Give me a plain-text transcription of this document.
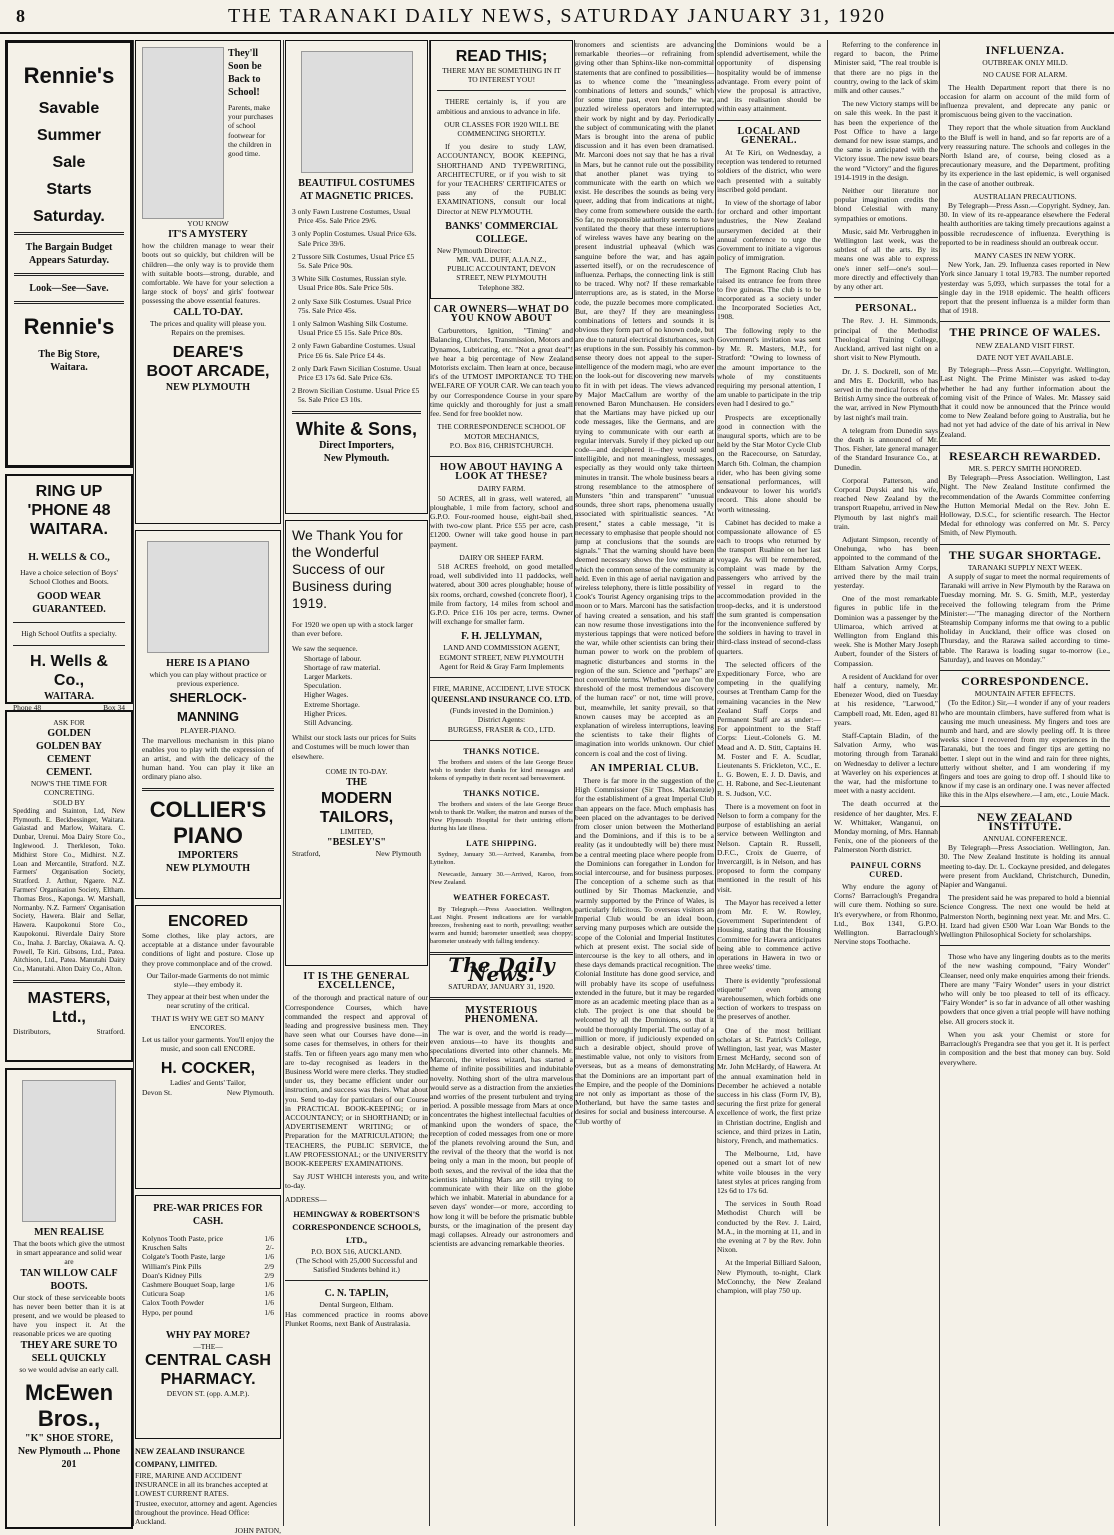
8	THE TARANAKI DAILY NEWS, SATURDAY JANUARY 31, 1920
Rennie's
Savable
Summer
Sale
Starts
Saturday.
The Bargain Budget
Appears Saturday.
Look—See—Save.
Rennie's
The Big Store,
Waitara.
RING UP
'PHONE 48
WAITARA.
H. WELLS & CO.,
Have a choice selection of Boys' School Clothes and Boots.
GOOD WEAR GUARANTEED.
High School Outfits a specialty.
H. Wells & Co.,
WAITARA.
Phone 48	Box 34
ASK FOR
GOLDEN
GOLDEN BAY CEMENT
CEMENT.
NOW'S THE TIME FOR CONCRETING.
SOLD BY

Spedding and Stainton, Ltd, New Plymouth. E. Beckbessinger, Waitara. Gaiastad and Marlow, Waitara. C. Dunbar, Urenui. Moa Dairy Store Co., Inglewood. J. Therkleson, Toko. Midhirst Store Co., Midhirst. N.Z. Loan and Mercantile, Stratford. N.Z. Farmers' Organisation Society, Stratford. J. Arthur, Ngaere. N.Z. Farmers' Organisation Society, Eltham. Thomas Bros., Kaponga. W. Marshall, Normanby. N.Z. Farmers' Organisation Society, Hawera. Blair and Sellar, Hawera. Kaupokonui Store Co., Kaupokonui. Riverdale Dairy Store Co., Inaha. J. Barclay, Okaiawa. A. Q. Powell, Te Kiri. Gibsons, Ltd., Patea. Aitchison, Ltd., Patea. Manutahi Dairy Co., Manutahi. Alton Dairy Co., Alton.

MASTERS, Ltd.,
Distributors,	Stratford.
MEN REALISE
That the boots which give the utmost in smart appearance and solid wear are
TAN WILLOW CALF BOOTS.
Our stock of these serviceable boots has never been better than it is at present, and we would be pleased to have you inspect it. At the reasonable prices we are quoting
THEY ARE SURE TO SELL QUICKLY
so we would advise an early call.
McEwen Bros.,
"K" SHOE STORE,
New Plymouth ... Phone 201
They'll Soon be Back to School!
Parents, make your purchases of school footwear for the children in good time.
YOU KNOW
IT'S A MYSTERY
how the children manage to wear their boots out so quickly, but children will be children—the only way is to provide them with suitable boots—strong, durable, and comfortable. We have for your selection a large stock of boys' and girls' footwear possessing the above essential features.
CALL TO-DAY.
The prices and quality will please you.
Repairs on the premises.
DEARE'S
BOOT ARCADE,
NEW PLYMOUTH
HERE IS A PIANO
which you can play without practice or previous experience.
SHERLOCK-MANNING
PLAYER-PIANO.
The marvellous mechanism in this piano enables you to play with the expression of an artist, and with the delicacy of the human hand. You can play it like an ordinary piano also.
COLLIER'S
PIANO
IMPORTERS
NEW PLYMOUTH
ENCORED
Some clothes, like play actors, are acceptable at a distance under favourable conditions of light and posture. Close up they prove commonplace and of the crowd.
Our Tailor-made Garments do not mimic style—they embody it.
They appear at their best when under the near scrutiny of the critical.
THAT IS WHY WE GET SO MANY ENCORES.
Let us tailor your garments. You'll enjoy the music, and soon call ENCORE.
H. COCKER,
Ladies' and Gents' Tailor,
Devon St.	New Plymouth.
PRE-WAR PRICES FOR CASH.
Kolynos Tooth Paste, price	1/6
Kruschen Salts	2/-
Colgate's Tooth Paste, large	1/6
William's Pink Pills	2/9
Doan's Kidney Pills	2/9
Cashmere Bouquet Soap, large	1/6
Cuticura Soap	1/6
Calox Tooth Powder	1/6
Hypo, per pound	1/6
WHY PAY MORE?
—THE—
CENTRAL CASH
PHARMACY.
DEVON ST. (opp. A.M.P.).
NEW ZEALAND INSURANCE COMPANY, LIMITED.
FIRE, MARINE AND ACCIDENT INSURANCE in all its branches accepted at LOWEST CURRENT RATES.
Trustee, executor, attorney and agent. Agencies throughout the province. Head Office: Auckland.
JOHN PATON,
BEAUTIFUL COSTUMES AT MAGNETIC PRICES.
3 only Fawn Lustrene Costumes, Usual Price 45s. Sale Price 29/6.
3 only Poplin Costumes. Usual Price 63s. Sale Price 39/6.
2 Tussore Silk Costumes, Usual Price £5 5s. Sale Price 90s.
3 White Silk Costumes, Russian style. Usual Price 80s. Sale Price 50s.
2 only Saxe Silk Costumes. Usual Price 75s. Sale Price 45s.
1 only Salmon Washing Silk Costume. Usual Price £5 15s. Sale Price 80s.
2 only Fawn Gabardine Costumes. Usual Price £6 6s. Sale Price £4 4s.
2 only Dark Fawn Sicilian Costume. Usual Price £3 17s 6d. Sale Price 63s.
2 Brown Sicilian Costume. Usual Price £5 5s. Sale Price £3 10s.
White & Sons,
Direct Importers,
New Plymouth.
We Thank You for the Wonderful Success of our Business during 1919.
For 1920 we open up with a stock larger than ever before.
We saw the sequence.
Shortage of labour.
Shortage of raw material.
Larger Markets.
Speculation.
Higher Wages.
Extreme Shortage.
Higher Prices.
Still Advancing.
Whilst our stock lasts our prices for Suits and Costumes will be much lower than elsewhere.
COME IN TO-DAY.
THE
MODERN
TAILORS,
LIMITED,
"BESLEY'S"
Stratford,	New Plymouth
IT IS THE GENERAL EXCELLENCE,

of the thorough and practical nature of our Correspondence Courses, which have commanded the respect and approval of leading and progressive business men. They have seen what our Courses have done—in some cases for themselves, in others for their staffs. Ten or fifteen years ago many men who are to-day recognised as leaders in the Business World were mere clerks. They studied under us, they became efficient under our instruction, and success was theirs. What about you. Send to-day for particulars of our Course in PRACTICAL BOOK-KEEPING; or in ACCOUNTANCY; or in SHORTHAND; or in ADVERTISEMENT WRITING; or of Preparation for the MATRICULATION; the TEACHERS, the PUBLIC SERVICE, the LAW PROFESSIONAL; or the UNIVERSITY BOOK-KEEPERS' EXAMINATIONS.

Say JUST WHICH interests you, and write to-day.

ADDRESS—

HEMINGWAY & ROBERTSON'S CORRESPONDENCE SCHOOLS, LTD.,
P.O. BOX 516, AUCKLAND.
(The School with 25,000 Successful and Satisfied Students behind it.)
C. N. TAPLIN,
Dental Surgeon, Eltham.

Has commenced practice in rooms above Plunket Rooms, next Bank of Australasia.

READ THIS;
THERE MAY BE SOMETHING IN IT TO INTEREST YOU!

THERE certainly is, if you are ambitious and anxious to advance in life.

OUR CLASSES FOR 1920 WILL BE COMMENCING SHORTLY.

If you desire to study LAW, ACCOUNTANCY, BOOK KEEPING, SHORTHAND AND TYPEWRITING, ARCHITECTURE, or if you wish to sit for your TEACHERS' CERTIFICATES or pass any of the PUBLIC EXAMINATIONS, consult our local Director at NEW PLYMOUTH.

BANKS' COMMERCIAL COLLEGE.
New Plymouth Director:
MR. VAL. DUFF, A.I.A.N.Z.,
PUBLIC ACCOUNTANT, DEVON STREET, NEW PLYMOUTH
Telephone 382.
CAR OWNERS—WHAT DO YOU KNOW ABOUT

Carburettors, Ignition, "Timing" and Balancing, Clutches, Transmission, Motors and Dynamos, Lubricating, etc. "Not a great deal"! we hear a big percentage of New Zealand Motorists exclaim. Then learn at once, because it's of the UTMOST IMPORTANCE TO THE WELFARE OF YOUR CAR. We can teach you by our Correspondence Course in your spare time quickly and thoroughly for just a small fee. Send for free booklet now.

THE CORRESPONDENCE SCHOOL OF MOTOR MECHANICS,
P.O. Box 816, CHRISTCHURCH.
HOW ABOUT HAVING A LOOK AT THESE?
DAIRY FARM.

50 ACRES, all in grass, well watered, all ploughable, 1 mile from factory, school and G.P.O. Four-roomed house, eight-bail shed, with two-cow plant. Price £55 per acre, cash £1200. Owner will take good house in part payment.

DAIRY OR SHEEP FARM.

518 ACRES freehold, on good metalled road, well subdivided into 11 paddocks, well watered, about 300 acres ploughable; house of six rooms, orchard, cowshed (concrete floor), 1 mile from factory, 14 miles from school and G.P.O. Price £16 10s per acre, terms. Owner will exchange for smaller farm.

F. H. JELLYMAN,
LAND AND COMMISSION AGENT, EGMONT STREET, NEW PLYMOUTH
Agent for Reid & Gray Farm Implements
FIRE, MARINE, ACCIDENT, LIVE STOCK
QUEENSLAND INSURANCE CO. LTD.
(Funds invested in the Dominion.)
District Agents:
BURGESS, FRASER & CO., LTD.
THANKS NOTICE.

The brothers and sisters of the late George Bruce wish to tender their thanks for kind messages and tokens of sympathy in their recent sad bereavement.

THANKS NOTICE.

The brothers and sisters of the late George Bruce wish to thank Dr. Walker, the matron and nurses of the New Plymouth Hospital for their untiring efforts during his late illness.

LATE SHIPPING.

Sydney, January 30.—Arrived, Karamba, from Lyttelton.

Newcastle, January 30.—Arrived, Karoo, from New Zealand.

WEATHER FORECAST.

By Telegraph.—Press Association. Wellington, Last Night. Present indications are for variable breezes, freshening east to north, prevailing; weather warm and humid; barometer unsettled; seas choppy; barometer unsteady with falling tendency.

The Daily News.
SATURDAY, JANUARY 31, 1920.
MYSTERIOUS PHENOMENA.

The war is over, and the world is ready—even anxious—to have its thoughts and speculations diverted into other channels. Mr. Marconi, the wireless wizard, has started a theme of infinite possibilities and indubitable novelty. Nothing short of the ultra marvelous would serve as a distraction from the anxieties and worries of the present turbulent and trying period. A possible message from Mars at once concentrates the highest intellectual faculties of mankind upon the wonders of space, the reception of coded messages from one or more of the planets revolving around the Sun, and the revival of the theory that the world is not being only a man in the moon, but people of both sexes, and the revival of the idea that the scientists inhabiting Mars are still trying to communicate with their like on the globe which we inhabit. Material in abundance for a seven days' wonder—or more, according to how long it will be before the prismatic bubble bursts, or the imagination of the present day magi collapses. Already our astronomers and scientists are advancing remarkable theories.

tronomers and scientists are advancing remarkable theories—or refraining from giving other than Sphinx-like non-committal statements that are confined to possibilities—as to whence come the "meaningless combinations of letters and sounds," which for some time past, even before the war, puzzled wireless operators and interrupted their work by night and by day. Periodically the subject of communicating with the planet Mars is brought into the arena of public discussion and it has even been dramatised. Mr. Marconi does not say that he has a rival in Mars, but he cannot rule out the possibility that another planet was trying to communicate with the earth on which we exist. He describes the sounds as being very queer, adding that from indications at night, they come from somewhere outside the earth. So far, no responsible authority seems to have ventilated the theory that these interruptions of wireless waves have any bearing on the present industrial upheaval (which was sanguine before the war, and has again asserted itself), or on the recrudescence of influenza. Perhaps, the connecting link is still to be traced. Why not? If these remarkable interruptions are, as is stated, in the Morse code, the puzzle becomes more complicated. But, are they? If they are meaningless combinations of letters and sounds it is obvious they form part of no known code, but are due to natural electrical disturbances, such as eruptions in the sun. Possibly his common-sense theory does not appeal to the super-intelligence of the modern magi, who are ever on the look-out for discovering new marvels to fit in with pet ideas. The views advanced by Major MacCallum are worthy of the renowned Baron Munchausen. He considers that the Martians may have picked up our code messages, like the Germans, and are trying to communicate with our earth at regular intervals. Surely if they picked up our code—and deciphered it—they would send intelligible, and not meaningless, messages, especially as they would only take thirteen minutes in transit. The whole business bears a strong resemblance to the atmosphere of Munsters "thin and transparent" "unusual sounds, three short raps, phenomena usually associated with spiritualistic seances. "At present," states a cable message, "it is necessary to emphasise that people should not jump at conclusions that the sounds are signals." That the warning should have been deemed necessary shows the low estimate at which the common sense of the community is held. Even in this age of aerial navigation and wireless telephony, there is little possibility of Cook's Tourist Agency organising trips to the moon or to Mars. Marconi has the satisfaction of having created a sensation, and his staff can now resume those investigations into the mysterious tappings that were noticed before the war, while other scientists can bring their human power to work on the problem of magnetic disturbances and storms in the region of the sun. Science and "perhaps" are not convertible terms. Whether we are "on the threshold of the most tremendous discovery of the human race" or not, time will prove, but, meanwhile, let sanity prevail, so that known causes may be accepted as an explanation of wireless interruptions, leaving the scientists to take their flights of imagination into worlds unknown. Our chief concern is coal and the cost of living.

AN IMPERIAL CLUB.

There is far more in the suggestion of the High Commissioner (Sir Thos. Mackenzie) for the establishment of a great Imperial Club than appears on the face. Much emphasis has been placed on the advantages to be derived from closer union between the Motherland and the Dominions, and if this is to be a reality (as it undoubtedly will be) there must be a central meeting place where people from the Dominions can foregather in London for social intercourse, and for business purposes. The conception of a scheme such as that outlined by Sir Thomas Mackenzie, and warmly supported by the Prince of Wales, is particularly felicitous. To overseas visitors an Imperial Club would be an ideal boon, serving many purposes which are outside the scope of the Colonial and Imperial Institutes which at present exist. The social side of intercourse is the key to all others, and in these days demands practical recognition. The Colonial Institute has done good service, and will probably have its scope of usefulness extended in the future, but it may be regarded more as an academic meeting place than as a club. The project is one that should be welcomed by all the Dominions, so that it would be thoroughly Imperial. The outlay of a million or more, if judiciously expended on such a desirable object, should prove of inestimable value, not only to visitors from overseas, but as a means of demonstrating that the Dominions are an important part of the Empire, and the people of the Dominions are not only as important as those of the Motherland, but have the same tastes and desires for social and business intercourse. A Club worthy of

the Dominions would be a splendid advertisement, while the opportunity of dispensing hospitality would be of immense advantage. From every point of view the proposal is attractive, and its realisation should be within easy attainment.

LOCAL AND GENERAL.

At Te Kiri, on Wednesday, a reception was tendered to returned soldiers of the district, who were each presented with a suitably inscribed gold pendant.

In view of the shortage of labor for orchard and other important industries, the New Zealand nurserymen decided at their annual conference to urge the Government to initiate a vigorous policy of immigration.

The Egmont Racing Club has raised its entrance fee from three to five guineas. The club is to be incorporated as a society under the Incorporated Societies Act, 1908.

The following reply to the Government's invitation was sent by Mr. R. Masters, M.P., for Stratford: "Owing to lowness of the amount importance to the whole of my constituents requiring my personal attention, I am unable to participate in the trip even had I desired to go."

Prospects are exceptionally good in connection with the inaugural sports, which are to be held by the Star Motor Cycle Club on the Racecourse, on Saturday, March 6th. Colman, the champion rider, who has been giving some sensational performances, will endeavour to lower his world's record. This alone should be worth witnessing.

Cabinet has decided to make a compassionate allowance of £5 each to troops who returned by the transport Ruahine on her last voyage. As will be remembered, complaint was made by the passengers who arrived by the vessel in regard to the accommodation provided in the troop-decks, and it is understood the sum granted is compensation for the inconvenience suffered by the soldiers in having to travel in third-class instead of second-class quarters.

The selected officers of the Expeditionary Force, who are competing in the qualifying courses at Trentham Camp for the remaining vacancies in the New Zealand Staff Corps and Permanent Staff are as under:—For appointment to the Staff Corps: Lieut.-Colonels G. M. Mead and A. D. Stitt, Captains H. M. Foster and F. A. Scudlar, Lieutenants S. Frickleton, V.C., E. L. G. Bowen, E. J. D. Davis, and C. H. Rabone, and Sec-Lieutenant R. S. Judson, V.C.

There is a movement on foot in Nelson to form a company for the purpose of establishing an aerial service between Wellington and Nelson. Captain R. Russell, D.F.C., Croix de Guerre, of Invercargill, is in Nelson, and has proposed to form the company mentioned in the result of his visit.

The Mayor has received a letter from Mr. F. W. Rowley, Government Superintendent of Housing, stating that the Housing Committee for Hawera anticipates being able to commence active operations in Hawera in two or three weeks' time.

There is evidently "professional etiquette" even among warehousemen, which forbids one section of workers to trespass on the preserves of another.

One of the most brilliant scholars at St. Patrick's College, Wellington, last year, was Master Ernest McHardy, second son of Mr. John McHardy, of Hawera. At the annual examination held in December he achieved a notable success in his class (Form IV, B), securing the first prize for general excellence of work, the first prize in Christian doctrine, English and science, and third prizes in Latin, history, French, and mathematics.

The Melbourne, Ltd, have opened out a smart lot of new white voile blouses in the very latest styles at prices ranging from 12s 6d to 17s 6d.

The services in South Road Methodist Church will be conducted by the Rev. J. Laird, M.A., in the morning at 11, and in the evening at 7 by the Rev. John Nixon.

At the Imperial Billiard Saloon, New Plymouth, to-night, Clark McConnchy, the New Zealand champion, will play 750 up.

Referring to the conference in regard to bacon, the Prime Minister said, "The real trouble is that there are no pigs in the country, owing to the lack of skim milk and other causes."

The new Victory stamps will be on sale this week. In the past it has been the experience of the Post Office to have a large demand for new issue stamps, and the same is anticipated with the Victory issue. The new issue bears the word "Victory" and the figures 1914-1919 in the design.

Neither our literature nor popular imagination credits the blond Celestial with many sympathies or emotions.

Music, said Mr. Verbrugghen in Wellington last week, was the subtlest of all the arts. By its means one was able to express one's inner self—one's soul—more directly and effectively than by any other art.

PERSONAL.

The Rev. J. H. Simmonds, principal of the Methodist Theological Training College, Auckland, arrived last night on a short visit to New Plymouth.

Dr. J. S. Dockrell, son of Mr. and Mrs E. Dockrill, who has served in the medical forces of the British Army since the outbreak of the war, arrived in New Plymouth by last night's mail train.

A telegram from Dunedin says the death is announced of Mr. Thos. Fisher, late general manager of the Standard Insurance Co., at Dunedin.

Corporal Patterson, and Corporal Duyski and his wife, reached New Zealand by the transport Ruapehu, arrived in New Plymouth by last night's mail train.

Adjutant Simpson, recently of Onehunga, who has been appointed to the command of the Eltham Salvation Army Corps, arrived there by the mail train yesterday.

One of the most remarkable figures in public life in the Dominion was a passenger by the Ulimaroa, which arrived at Wellington from England this week. She is Mother Mary Joseph Aubert, founder of the Sisters of Compassion.

A resident of Auckland for over half a century, namely, Mr. Ebenezer Wood, died on Tuesday at his residence, "Larwood," Campbell road, Mt. Eden, aged 81 years.

Staff-Captain Bladin, of the Salvation Army, who was motoring through from Taranaki on Wednesday to deliver a lecture at Waverley on his experiences at the war, had the misfortune to meet with a nasty accident.

The death occurred at the residence of her daughter, Mrs. F. W. Whittaker, Wanganui, on Monday morning, of Mrs. Hannah Fenix, one of the pioneers of the Palmerston North district.

PAINFUL CORNS CURED.

Why endure the agony of Corns? Barraclough's Pregandra will cure them. Nothing so sure. It's everywhere, or from Rhonmo, Ltd., Box 1341, G.P.O. Wellington. Barraclough's Nervine stops Toothache.

INFLUENZA.
OUTBREAK ONLY MILD.
NO CAUSE FOR ALARM.

The Health Department report that there is no occasion for alarm on account of the mild form of influenza prevalent, and deprecate any panic or promiscuous being given to the vaccination.

They report that the whole situation from Auckland to the Bluff is well in hand, and so far reports are of a very reassuring nature. The schools and colleges in the North Island are, of course, being closed as a precautionary measure, and the Department, profiting by its experience in the last epidemic, is well organised in the case of another outbreak.

AUSTRALIAN PRECAUTIONS.

By Telegraph—Press Assn.—Copyright. Sydney, Jan. 30. In view of its re-appearance elsewhere the Federal health authorities are taking timely precautions against a possible recrudescence of influenza. Everything is reported to be in readiness should an outbreak occur.

MANY CASES IN NEW YORK.

New York, Jan. 29. Influenza cases reported in New York since January 1 total 19,783. The number reported yesterday was 5,093, which surpasses the total for a single day in the 1918 epidemic. The health officers report that the present influenza is a milder form than that of 1918.

THE PRINCE OF WALES.
NEW ZEALAND VISIT FIRST.
DATE NOT YET AVAILABLE.

By Telegraph—Press Assn.—Copyright. Wellington, Last Night. The Prime Minister was asked to-day whether he had any further information about the coming visit of the Prince of Wales. Mr. Massey said that it could now be announced that the Prince would come to New Zealand before going to Australia, but he had not yet had advice of the date of his arrival in New Zealand.

RESEARCH REWARDED.
MR. S. PERCY SMITH HONORED.

By Telegraph—Press Association. Wellington, Last Night. The New Zealand Institute confirmed the recommendation of the Awards Committee conferring the Hutton Memorial Medal on the Rev. John E. Holloway, D.S.C., for scientific research. The Hector Medal for ethnology was conferred on Mr. S. Percy Smith, of New Plymouth.

THE SUGAR SHORTAGE.
TARANAKI SUPPLY NEXT WEEK.

A supply of sugar to meet the normal requirements of Taranaki will arrive in New Plymouth by the Rarawa on Tuesday morning. Mr. S. G. Smith, M.P., yesterday received the following telegram from the Prime Minister:—"The managing director of the Northern Steamship Company informs me that owing to a public holiday in Auckland, their office was closed on Thursday, and the Rarawa sailed according to time-table. The Rarawa is loading sugar to-morrow (i.e., Saturday), and leaves on Monday."

CORRESPONDENCE.
MOUNTAIN AFTER EFFECTS.

(To the Editor.) Sir,—I wonder if any of your readers who are mountain climbers, have suffered from what is causing me much uneasiness. My fingers and toes are numb and hard, and are slowly peeling off. It is three weeks since I recovered from my experiences in the Taranaki, but the toes and finger tips are getting no better. I slept out in the wind and rain for three nights, utterly without shelter, and I am wondering if my fingers and toes are going to drop off. I should like to know if my case is an ordinary one. I was never affected like this in the Alps elsewhere.—I am, etc., Louie Mack.

NEW ZEALAND INSTITUTE.
ANNUAL CONFERENCE.

By Telegraph—Press Association. Wellington, Jan. 30. The New Zealand Institute is holding its annual meeting to-day. Dr. L. Cockayne presided, and delegates were present from Auckland, Christchurch, Dunedin, Napier and Wanganui.

The president said he was prepared to hold a biennial Science Congress. The next one would be held at Palmerston North, beginning next year. Mr. and Mrs. C. H. Izard had given £500 War Loan War Bonds to the Wellington Philosophical Society for scholarships.

Those who have any lingering doubts as to the merits of the new washing compound, "Fairy Wonder" Cleanser, need only make enquiries among their friends. There are many "Fairy Wonder" users in your district who will only be too pleased to tell of its efficacy. "Fairy Wonder" is so far in advance of all other washing powders that once given a trial people will have nothing else. All grocers stock it.

When you ask your Chemist or store for Barraclough's Pregandra see that you get it. It is perfect in composition and the best that money can buy. Sold everywhere.
